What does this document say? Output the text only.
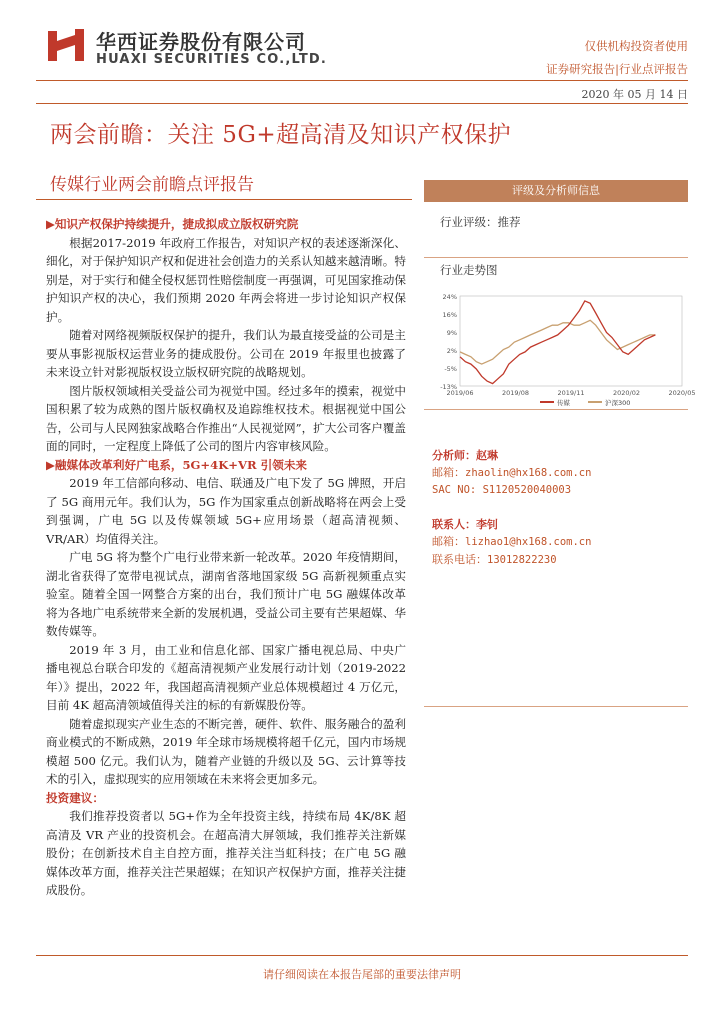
华西证券股份有限公司
HUAXI SECURITIES CO.,LTD.
仅供机构投资者使用
证券研究报告|行业点评报告
2020 年 05 月 14 日
两会前瞻：关注 5G+超高清及知识产权保护
传媒行业两会前瞻点评报告

▶知识产权保护持续提升，捷成拟成立版权研究院

根据2017-2019 年政府工作报告，对知识产权的表述逐渐深化、细化，对于保护知识产权和促进社会创造力的关系认知越来越清晰。特别是，对于实行和健全侵权惩罚性赔偿制度一再强调，可见国家推动保护知识产权的决心，我们预期 2020 年两会将进一步讨论知识产权保护。

随着对网络视频版权保护的提升，我们认为最直接受益的公司是主要从事影视版权运营业务的捷成股份。公司在 2019 年报里也披露了未来设立针对影视版权设立版权研究院的战略规划。

图片版权领域相关受益公司为视觉中国。经过多年的摸索，视觉中国积累了较为成熟的图片版权确权及追踪维权技术。根据视觉中国公告，公司与人民网独家战略合作推出“人民视觉网”，扩大公司客户覆盖面的同时，一定程度上降低了公司的图片内容审核风险。

▶融媒体改革利好广电系，5G+4K+VR 引领未来

2019 年工信部向移动、电信、联通及广电下发了 5G 牌照，开启了 5G 商用元年。我们认为，5G 作为国家重点创新战略将在两会上受到强调，广电 5G 以及传媒领域 5G+应用场景（超高清视频、VR/AR）均值得关注。

广电 5G 将为整个广电行业带来新一轮改革。2020 年疫情期间，湖北省获得了宽带电视试点，湖南省落地国家级 5G 高新视频重点实验室。随着全国一网整合方案的出台，我们预计广电 5G 融媒体改革将为各地广电系统带来全新的发展机遇，受益公司主要有芒果超媒、华数传媒等。

2019 年 3 月，由工业和信息化部、国家广播电视总局、中央广播电视总台联合印发的《超高清视频产业发展行动计划（2019-2022 年）》提出，2022 年，我国超高清视频产业总体规模超过 4 万亿元，目前 4K 超高清领域值得关注的标的有新媒股份等。

随着虚拟现实产业生态的不断完善，硬件、软件、服务融合的盈利商业模式的不断成熟，2019 年全球市场规模将超千亿元，国内市场规模超 500 亿元。我们认为，随着产业链的升级以及 5G、云计算等技术的引入，虚拟现实的应用领域在未来将会更加多元。

投资建议：

我们推荐投资者以 5G+作为全年投资主线，持续布局 4K/8K 超高清及 VR 产业的投资机会。在超高清大屏领域，我们推荐关注新媒股份；在创新技术自主自控方面，推荐关注当虹科技；在广电 5G 融媒体改革方面，推荐关注芒果超媒；在知识产权保护方面，推荐关注捷成股份。

评级及分析师信息
行业评级：推荐
行业走势图
24%
16%
9%
2%
-5%
-13%
2019/06	2019/08	2019/11	2020/02	2020/05
传媒	沪深300
分析师：赵琳
邮箱：zhaolin@hx168.com.cn
SAC NO: S1120520040003
联系人：李钊
邮箱：lizhao1@hx168.com.cn
联系电话：13012822230
请仔细阅读在本报告尾部的重要法律声明
